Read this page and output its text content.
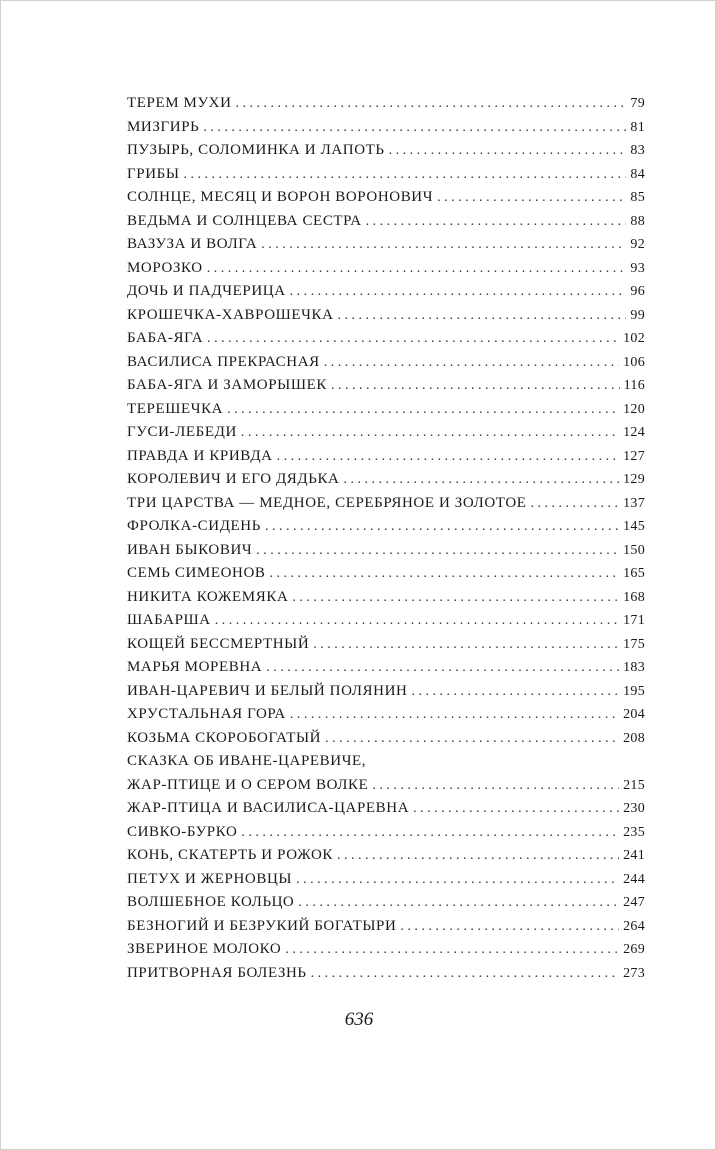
ТЕРЕМ МУХИ . . .	79
МИЗГИРЬ . . .	81
ПУЗЫРЬ, СОЛОМИНКА И ЛАПОТЬ . . .	83
ГРИБЫ . . .	84
СОЛНЦЕ, МЕСЯЦ И ВОРОН ВОРОНОВИЧ . . .	85
ВЕДЬМА И СОЛНЦЕВА СЕСТРА . . .	88
ВАЗУЗА И ВОЛГА . . .	92
МОРОЗКО . . .	93
ДОЧЬ И ПАДЧЕРИЦА . . .	96
КРОШЕЧКА-ХАВРОШЕЧКА . . .	99
БАБА-ЯГА . . .	102
ВАСИЛИСА ПРЕКРАСНАЯ . . .	106
БАБА-ЯГА И ЗАМОРЫШЕК . . .	116
ТЕРЕШЕЧКА . . .	120
ГУСИ-ЛЕБЕДИ . . .	124
ПРАВДА И КРИВДА . . .	127
КОРОЛЕВИЧ И ЕГО ДЯДЬКА . . .	129
ТРИ ЦАРСТВА — МЕДНОЕ, СЕРЕБРЯНОЕ И ЗОЛОТОЕ . . .	137
ФРОЛКА-СИДЕНЬ . . .	145
ИВАН БЫКОВИЧ . . .	150
СЕМЬ СИМЕОНОВ . . .	165
НИКИТА КОЖЕМЯКА . . .	168
ШАБАРША . . .	171
КОЩЕЙ БЕССМЕРТНЫЙ . . .	175
МАРЬЯ МОРЕВНА . . .	183
ИВАН-ЦАРЕВИЧ И БЕЛЫЙ ПОЛЯНИН . . .	195
ХРУСТАЛЬНАЯ ГОРА . . .	204
КОЗЬМА СКОРОБОГАТЫЙ . . .	208
СКАЗКА ОБ ИВАНЕ-ЦАРЕВИЧЕ,
ЖАР-ПТИЦЕ И О СЕРОМ ВОЛКЕ . . .	215
ЖАР-ПТИЦА И ВАСИЛИСА-ЦАРЕВНА . . .	230
СИВКО-БУРКО . . .	235
КОНЬ, СКАТЕРТЬ И РОЖОК . . .	241
ПЕТУХ И ЖЕРНОВЦЫ . . .	244
ВОЛШЕБНОЕ КОЛЬЦО . . .	247
БЕЗНОГИЙ И БЕЗРУКИЙ БОГАТЫРИ . . .	264
ЗВЕРИНОЕ МОЛОКО . . .	269
ПРИТВОРНАЯ БОЛЕЗНЬ . . .	273
636
